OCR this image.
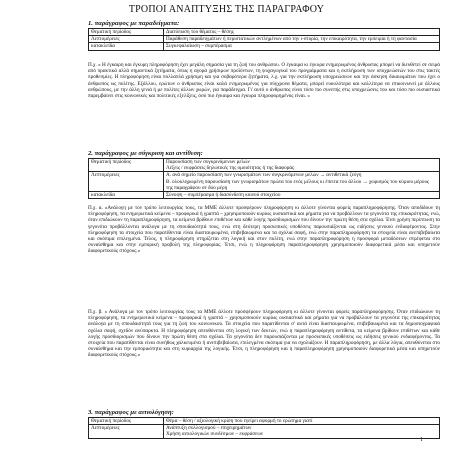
ΤΡΟΠΟΙ ΑΝΑΠΤΥΞΗΣ ΤΗΣ ΠΑΡΑΓΡΑΦΟΥ
1. παράγραφος με παραδείγματα:
Θεματική περίοδος	Διατύπωση του θέματος – θέσης
Λεπτομέρειες	Παράθεση παραδειγμάτων ή περιστατικών αντλημένων από την ι-στορία, την επικαιρότητα, την εμπειρία ή τη φαντασία
κατακλείδα	Συγκεφαλαίωση – συμπέρασμα
Π.χ. « Η έγκαιρη και έγκυρη πληροφόρηση έχει μεγάλη σημασία για τη ζωή του ανθρώπου. Ο έγκαιρα κι έγκυρα ενημερωμένος άνθρωπος μπορεί να διευθετεί σε σειρά από πρακτικά αλλά σημαντικά ζητήματα, όπως η αγορά χρήσιμων προϊόντων, τη ψυχαγωγικά του προγράμματα και η εκπλήρωση των υποχρεώσεών του στις τακτές προθεσμίες. Η πληροφόρηση είναι πολλαπλά χρήσιμη και για σοβαρότερα ζητήματα, λ.χ. για την εκπλήρωση υποχρεώσεων και την άσκηση δικαιωμάτων που έχει ο άνθρωπος ως πολίτης. Εξάλλου, ερώτων ο άνθρωπος είναι καλά ενημερωμένος για σύγχρονα θέματα, μπορεί ευκολότερα και καλλίτερα να επικοινωνεί με άλλους ανθρώπους, με την άλλη γενιά ή με πολίτες άλλων χωρών, για παράδειγμα. Γι' αυτό ο άνθρωπος είναι τόσο πιο συνεπής στις υποχρεώσεις του και τόσο πιο ουσιαστικά παρεμβαίνει στις κοινωνικές και πολιτικές εξελίξεις, όσο πιο έγκαιρα και έγκυρα πληροφορημένος είναι. »
2. παράγραφος με σύγκριση και αντίθεση:
Θεματική περίοδος	Παρουσίαση των συγκρινόμενων μελών
Λέξεις / εκφράσεις δηλωτικές της ομοιότητας ή της διαφοράς
Λεπτομέρειες	Α. ανά σημείο παρουσίαση των γνωρισμάτων των συγκρινόμενων μελών → αντιθετικά ζεύγη
Β. ολοκληρωμένη παρουσίαση των γνωρισμάτων πρώτα του ενός μέλους κι έπειτα του άλλου → χωρισμός του κύριου μέρους της παραγράφου σε δύο μέρη
κατακλείδα	Σύνοψη – συμπέρασμα ή διασύνδεση κοινού στοιχείου
Π.χ. α. «Ανάλογη με τον τρόπο λειτουργίας τους, τα ΜΜΕ άλλοτε προσφέρουν πληροφόρηση κι άλλοτε γίνονται φορείς παραπληροφόρησης. Όταν αποδίδουν τη πληροφόρηση, τα ενημερωτικά κείμενα – προφορικά ή γραπτά – χρησιμοποιούν κυρίως ουσιαστικά και ρήματα για να προβάλλουν τα γεγονότα της επικαιρότητας, ενώ, όταν επιδιώκουν τη παραπληροφόρηση, τα κείμενα βρίθουν επιθέτων και κάθε λογής προσδιορισμών που δίνουν την πρώτη θέση στα σχόλια. Έτσι χρήση περίπτωση τα γεγονότα προβάλλονται ανάλογα με τη σπουδαιότητά τους, ενώ στη δεύτερη προσωπικές υποθέσεις παρουσιάζονται ως ειδήσεις γενικού ενδιαφέροντος. Στην πληροφόρηση τα στοιχεία που παρατίθενται είναι διασταυρωμένα, επιβεβαιωμένα και τα σχόλια σαφή, ενώ στην παραπληροφόρηση τα στοιχεία είναι ανεπιβεβαίωτα και σκόπιμα επιλεγμένα. Τέλος, η πληροφόρηση στηρίζεται στη λογική και στον πολίτη, ενώ στην παραπληροφόρηση η προσφορά μεταδόσεων στρέφεται στο συναίσθημα και στην εμπορική προβολή της πληροφορίας. Έτσι, ενώ η πληροφόρηση παραπληροφόρηση χρησιμοποιούν διαφορετικά μέσα και υπηρετούν διαφορετικούς στόχους.»
Π.χ. β. « Ανάλογα με τον τρόπο λειτουργίας τους τα ΜΜΕ άλλοτε προσφέρουν πληροφόρηση κι άλλοτε γίνονται φορείς παραπληροφόρησης. Όταν επιδιώκουν τη πληροφόρηση, τα ενημερωτικά κείμενα – προφορικά ή γραπτά – χρησιμοποιούν κυρίως ουσιαστικά και ρήματα για να προβάλλουν τα γεγονότα της επικαιρότητας ανάλογα με τη σπουδαιότητά τους για τη ζωή του κοινωνικού. Τα στοιχεία που παρατίθενται σ' αυτά είναι διασταυρωμένα, επιβεβαιωμένα και τα δημοσιογραφικά σχόλια σαφή, σχεδόν ανύπαρκτα. Η πληροφόρηση απευθύνεται στη λογική των δεκτών, ενώ η παραπληροφόρηση αντίθετα, τα κείμενα βρίθουν επιθέτων και κάθε λογής προσδιορισμών που δίνουν την πρώτη θέση στα σχόλια. Τα γεγονότα δεν παρουσιάζονται με προσωπικές υποθέσεις ως ειδήσεις γενικού ενδιαφέροντος. Τα στοιχεία που παρατίθενται είναι συνήθως χαλκευμένα ή ανεπιβεβαίωτα, επιλεγμένα σκόπιμα για να σχολιάζουν. Η παραπληροφόρηση, με άλλα λόγια, απευθύνεται στο συναίσθημα και την εμπορικότητα και στη κυριαρχία της λογικής. Έτσι, η πληροφόρηση και η παραπληροφόρηση χρησιμοποιούν διαφορετικά μέσα και υπηρετούν διαφορετικούς στόχους.»
3. παράγραφος με αιτιολόγηση:
Θεματική περίοδος	Θέμα – θέση / αξιολογική κρίση που εγείρει αφορμή το ερώτημα γιατί
Λεπτομέρειες	Ανάπτυξη συλλογισμού – επιχειρημάτων
Χρήση αιτιολογικών συνδέσμων – εκφράσεων
1
